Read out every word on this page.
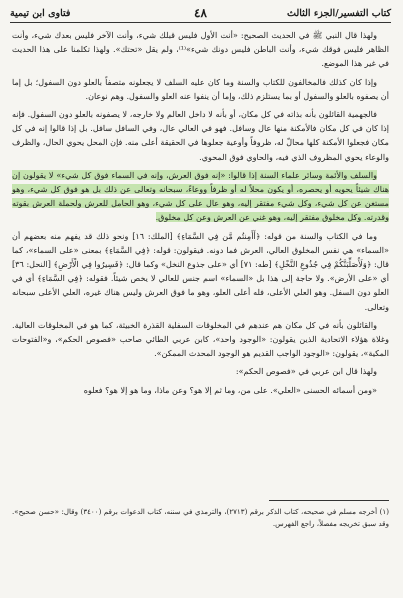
كتاب التفسير/الجزء الثالث
٤٨
فتاوى ابن تيمية

ولهذا قال النبي ﷺ في الحديث الصحيح: «أنت الأول فليس قبلك شيء، وأنت الآخر فليس بعدك شيء، وأنت الظاهر فليس فوقك شيء، وأنت الباطن فليس دونك شيء»⁽¹⁾، ولم يقل «تحتك». ولهذا تكلمنا على هذا الحديث في غير هذا الموضع.

وإذا كان كذلك فالمخالفون للكتاب والسنة وما كان عليه السلف لا يجعلونه متصفاً بالعلو دون السفول؛ بل إما أن يصفوه بالعلو والسفول أو بما يستلزم ذلك، وإما أن ينفوا عنه العلو والسفول. وهم نوعان.

فالجهمية القائلون بأنه بذاته في كل مكان، أو بأنه لا داخل العالم ولا خارجه، لا يصفونه بالعلو دون السفول. فإنه إذا كان في كل مكان فالأمكنة منها عال وسافل. فهو في العالي عال، وفي السافل سافل. بل إذا قالوا إنه في كل مكان فجعلوا الأمكنة كلها محالّ له، ظروفاً وأوعية جعلوها في الحقيقة أعلى منه. فإن المحل يحوي الحال، والظرف والوعاء يحوي المظروف الذي فيه، والحاوي فوق المحوي.

والسلف والأئمة وسائر علماء السنة إذا قالوا: «إنه فوق العرش، وإنه في السماء فوق كل شيء» لا يقولون إن هناك شيئاً يحويه أو يحصره، أو يكون محلاً له أو ظرفاً ووعاءً، سبحانه وتعالى عن ذلك بل هو فوق كل شيء، وهو مستغن عن كل شيء، وكل شيء مفتقر إليه، وهو عال على كل شيء، وهو الحامل للعرش ولحملة العرش بقوته وقدرته. وكل مخلوق مفتقر إليه، وهو غني عن العرش وعن كل مخلوق.

وما في الكتاب والسنة من قوله: ﴿أَأَمِنتُم مَّن فِي السَّمَاءِ﴾ [الملك: ١٦] ونحو ذلك قد يفهم منه بعضهم أن «السماء» هي نفس المخلوق العالي، العرش فما دونه. فيقولون: قوله: ﴿فِي السَّمَاءِ﴾ بمعنى «على السماء»، كما قال: ﴿وَلَأُصَلِّبَنَّكُمْ فِي جُذُوعِ النَّخْلِ﴾ [طه: ٧١] أي «على جذوع النخل» وكما قال: ﴿فَسِيرُوا فِي الْأَرْضِ﴾ [النحل: ٣٦] أي «على الأرض». ولا حاجة إلى هذا بل «السماء» اسم جنس للعالي لا يخص شيئاً. فقوله: ﴿فِي السَّمَاءِ﴾ أي في العلو دون السفل. وهو العلي الأعلى، فله أعلى العلو، وهو ما فوق العرش وليس هناك غيره، العلي الأعلى سبحانه وتعالى.

والقائلون بأنه في كل مكان هم عندهم في المخلوقات السفلية القذرة الخبيثة، كما هو في المخلوقات العالية. وغلاة هؤلاء الاتحادية الذين يقولون: «الوجود واحد»، كابن عربي الطائي صاحب «فصوص الحكم»، و«الفتوحات المكية»، يقولون: «الوجود الواجب القديم هو الوجود المحدث الممكن».

ولهذا قال ابن عربي في «فصوص الحكم»:

«ومن أسمائه الحسنى «العلي». على من، وما ثم إلا هو؟ وعن ماذا، وما هو إلا هو؟ فعلوه

(١) أخرجه مسلم في صحيحه، كتاب الذكر برقم (٢٧١٣)، والترمذي في سننه، كتاب الدعوات برقم (٣٤٠٠) وقال: «حسن صحيح». وقد سبق تخريجه مفصلاً، راجع الفهرس.
